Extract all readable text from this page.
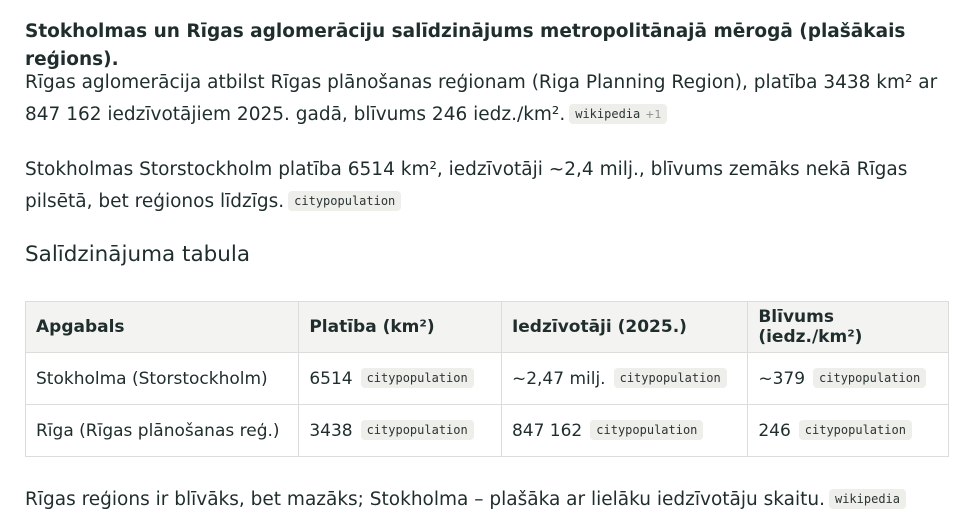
Stokholmas un Rīgas aglomerāciju salīdzinājums metropolitānajā mērogā (plašākais reģions).
Rīgas aglomerācija atbilst Rīgas plānošanas reģionam (Riga Planning Region), platība 3438 km² ar 847 162 iedzīvotājiem 2025. gadā, blīvums 246 iedz./km². wikipedia +1
Stokholmas Storstockholm platība 6514 km², iedzīvotāji ~2,4 milj., blīvums zemāks nekā Rīgas pilsētā, bet reģionos līdzīgs. citypopulation
Salīdzinājuma tabula
Apgabals	Platība (km²)	Iedzīvotāji (2025.)	Blīvums (iedz./km²)
Stokholma (Storstockholm)	6514 citypopulation	~2,47 milj. citypopulation	~379 citypopulation
Rīga (Rīgas plānošanas reģ.)	3438 citypopulation	847 162 citypopulation	246 citypopulation
Rīgas reģions ir blīvāks, bet mazāks; Stokholma – plašāka ar lielāku iedzīvotāju skaitu. wikipedia
